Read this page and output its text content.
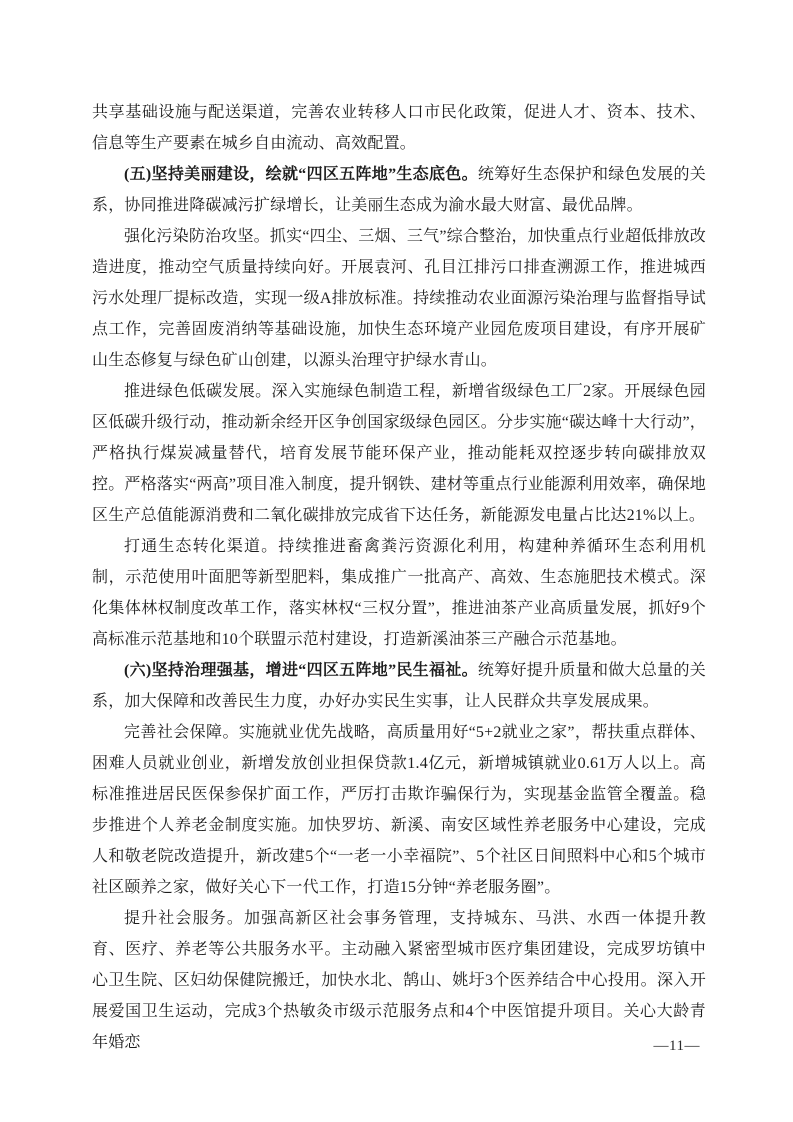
共享基础设施与配送渠道，完善农业转移人口市民化政策，促进人才、资本、技术、信息等生产要素在城乡自由流动、高效配置。

(五)坚持美丽建设，绘就“四区五阵地”生态底色。统筹好生态保护和绿色发展的关系，协同推进降碳减污扩绿增长，让美丽生态成为渝水最大财富、最优品牌。

强化污染防治攻坚。抓实“四尘、三烟、三气”综合整治，加快重点行业超低排放改造进度，推动空气质量持续向好。开展袁河、孔目江排污口排查溯源工作，推进城西污水处理厂提标改造，实现一级A排放标准。持续推动农业面源污染治理与监督指导试点工作，完善固废消纳等基础设施，加快生态环境产业园危废项目建设，有序开展矿山生态修复与绿色矿山创建，以源头治理守护绿水青山。

推进绿色低碳发展。深入实施绿色制造工程，新增省级绿色工厂2家。开展绿色园区低碳升级行动，推动新余经开区争创国家级绿色园区。分步实施“碳达峰十大行动”，严格执行煤炭减量替代，培育发展节能环保产业，推动能耗双控逐步转向碳排放双控。严格落实“两高”项目准入制度，提升钢铁、建材等重点行业能源利用效率，确保地区生产总值能源消费和二氧化碳排放完成省下达任务，新能源发电量占比达21%以上。

打通生态转化渠道。持续推进畜禽粪污资源化利用，构建种养循环生态利用机制，示范使用叶面肥等新型肥料，集成推广一批高产、高效、生态施肥技术模式。深化集体林权制度改革工作，落实林权“三权分置”，推进油茶产业高质量发展，抓好9个高标准示范基地和10个联盟示范村建设，打造新溪油茶三产融合示范基地。

(六)坚持治理强基，增进“四区五阵地”民生福祉。统筹好提升质量和做大总量的关系，加大保障和改善民生力度，办好办实民生实事，让人民群众共享发展成果。

完善社会保障。实施就业优先战略，高质量用好“5+2就业之家”，帮扶重点群体、困难人员就业创业，新增发放创业担保贷款1.4亿元，新增城镇就业0.61万人以上。高标准推进居民医保参保扩面工作，严厉打击欺诈骗保行为，实现基金监管全覆盖。稳步推进个人养老金制度实施。加快罗坊、新溪、南安区域性养老服务中心建设，完成人和敬老院改造提升，新改建5个“一老一小幸福院”、5个社区日间照料中心和5个城市社区颐养之家，做好关心下一代工作，打造15分钟“养老服务圈”。

提升社会服务。加强高新区社会事务管理，支持城东、马洪、水西一体提升教育、医疗、养老等公共服务水平。主动融入紧密型城市医疗集团建设，完成罗坊镇中心卫生院、区妇幼保健院搬迁，加快水北、鹄山、姚圩3个医养结合中心投用。深入开展爱国卫生运动，完成3个热敏灸市级示范服务点和4个中医馆提升项目。关心大龄青年婚恋	—11—
